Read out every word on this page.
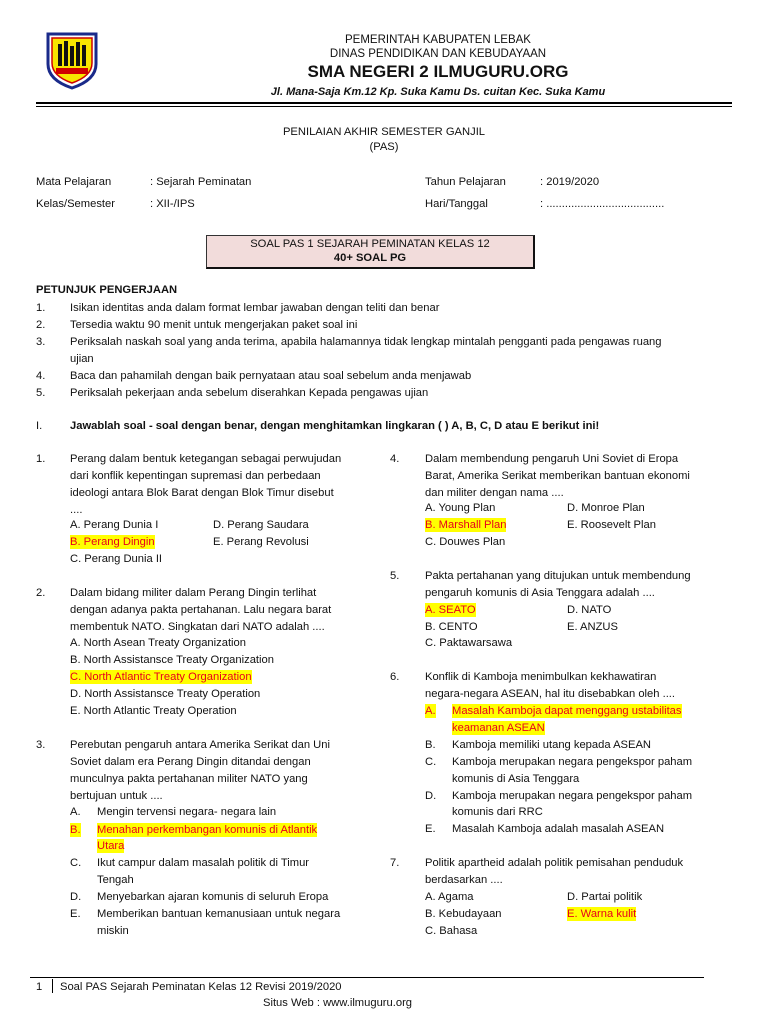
PEMERINTAH KABUPATEN LEBAK
DINAS PENDIDIKAN DAN KEBUDAYAAN
SMA NEGERI 2 ILMUGURU.ORG
Jl. Mana-Saja Km.12 Kp. Suka Kamu Ds. cuitan Kec. Suka Kamu
PENILAIAN AKHIR SEMESTER GANJIL
(PAS)
Mata Pelajaran	: Sejarah Peminatan
Kelas/Semester	: XII-/IPS
Tahun Pelajaran	: 2019/2020
Hari/Tanggal	: ......................................
SOAL PAS 1 SEJARAH PEMINATAN KELAS 12
40+ SOAL PG
PETUNJUK PENGERJAAN
1. Isikan identitas anda dalam format lembar jawaban dengan teliti dan benar
2. Tersedia waktu 90 menit untuk mengerjakan paket soal ini
3. Periksalah naskah soal yang anda terima, apabila halamannya tidak lengkap mintalah pengganti pada pengawas ruang
ujian
4. Baca dan pahamilah dengan baik pernyataan atau soal sebelum anda menjawab
5. Periksalah pekerjaan anda sebelum diserahkan Kepada pengawas ujian
I. Jawablah soal - soal dengan benar, dengan menghitamkan lingkaran ( ) A, B, C, D atau E berikut ini!
1. Perang dalam bentuk ketegangan sebagai perwujudan
dari konflik kepentingan supremasi dan perbedaan
ideologi antara Blok Barat dengan Blok Timur disebut
....
A. Perang Dunia I
B. Perang Dingin
C. Perang Dunia II
D. Perang Saudara
E. Perang Revolusi
2. Dalam bidang militer dalam Perang Dingin terlihat
dengan adanya pakta pertahanan. Lalu negara barat
membentuk NATO. Singkatan dari NATO adalah ....
A. North Asean Treaty Organization
B. North Assistansce Treaty Organization
C. North Atlantic Treaty Organization
D. North Assistansce Treaty Operation
E. North Atlantic Treaty Operation
3. Perebutan pengaruh antara Amerika Serikat dan Uni
Soviet dalam era Perang Dingin ditandai dengan
munculnya pakta pertahanan militer NATO yang
bertujuan untuk ....
A. Mengin tervensi negara- negara lain
B. Menahan perkembangan komunis di Atlantik
Utara
C. Ikut campur dalam masalah politik di Timur
Tengah
D. Menyebarkan ajaran komunis di seluruh Eropa
E. Memberikan bantuan kemanusiaan untuk negara
miskin
4. Dalam membendung pengaruh Uni Soviet di Eropa
Barat, Amerika Serikat memberikan bantuan ekonomi
dan militer dengan nama ....
A. Young Plan
B. Marshall Plan
C. Douwes Plan
D. Monroe Plan
E. Roosevelt Plan
5. Pakta pertahanan yang ditujukan untuk membendung
pengaruh komunis di Asia Tenggara adalah ....
A. SEATO
B. CENTO
C. Paktawarsawa
D. NATO
E. ANZUS
6. Konflik di Kamboja menimbulkan kekhawatiran
negara-negara ASEAN, hal itu disebabkan oleh ....
A. Masalah Kamboja dapat menggang ustabilitas
keamanan ASEAN
B. Kamboja memiliki utang kepada ASEAN
C. Kamboja merupakan negara pengekspor paham
komunis di Asia Tenggara
D. Kamboja merupakan negara pengekspor paham
komunis dari RRC
E. Masalah Kamboja adalah masalah ASEAN
7. Politik apartheid adalah politik pemisahan penduduk
berdasarkan ....
A. Agama
B. Kebudayaan
C. Bahasa
D. Partai politik
E. Warna kulit
1 Soal PAS Sejarah Peminatan Kelas 12 Revisi 2019/2020
Situs Web : www.ilmuguru.org
